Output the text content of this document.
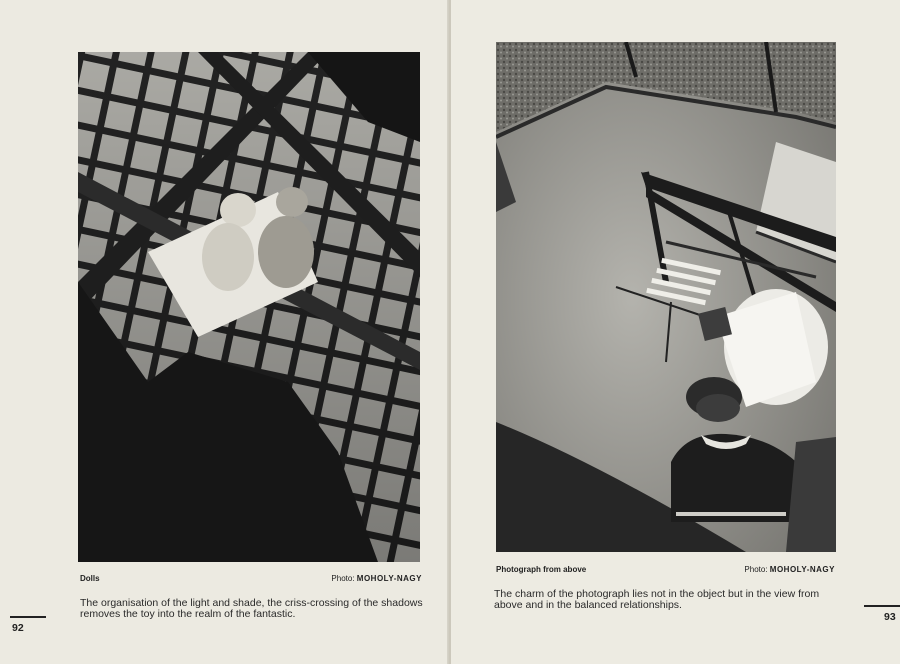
Dolls	Photo: MOHOLY-NAGY
The organisation of the light and shade, the criss-crossing of the shadows removes the toy into the realm of the fantastic.
92
Photograph from above	Photo: MOHOLY-NAGY
The charm of the photograph lies not in the object but in the view from above and in the balanced relationships.
93
